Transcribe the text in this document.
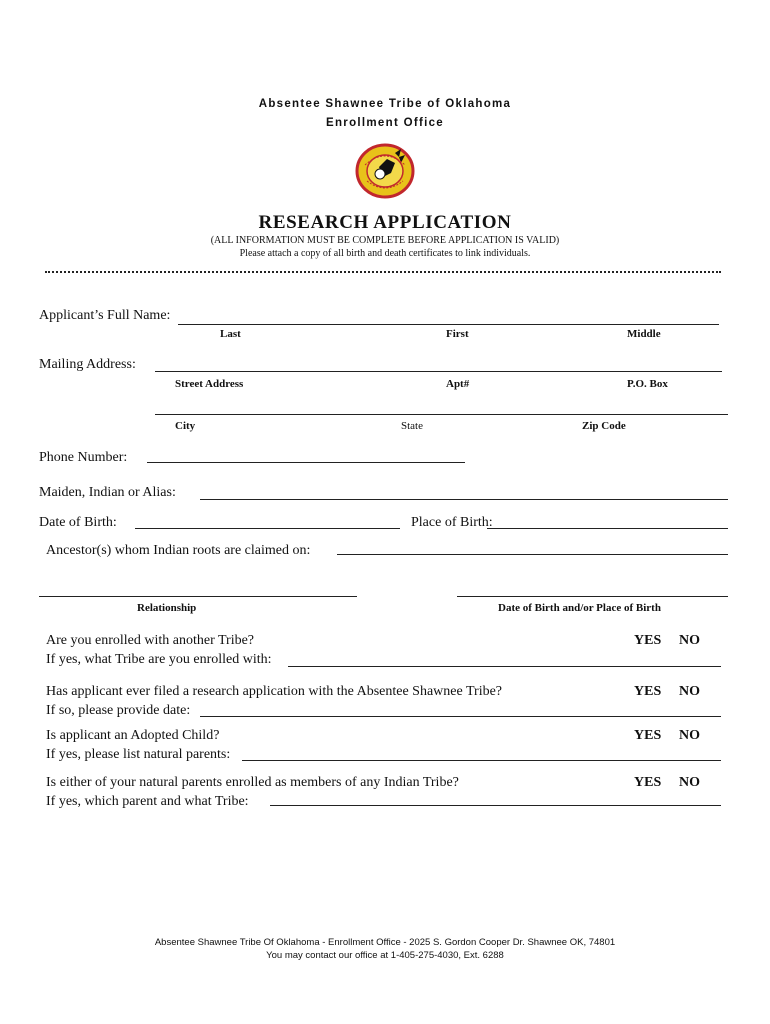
Absentee Shawnee Tribe of Oklahoma
Enrollment Office
RESEARCH APPLICATION
(ALL INFORMATION MUST BE COMPLETE BEFORE APPLICATION IS VALID)
Please attach a copy of all birth and death certificates to link individuals.
Applicant’s Full Name:
Last	First	Middle
Mailing Address:
Street Address	Apt#	P.O. Box
City	State	Zip Code
Phone Number:
Maiden, Indian or Alias:
Date of Birth:	Place of Birth:
Ancestor(s) whom Indian roots are claimed on:
Relationship	Date of Birth and/or Place of Birth
Are you enrolled with another Tribe?	YES NO
If yes, what Tribe are you enrolled with:
Has applicant ever filed a research application with the Absentee Shawnee Tribe?	YES NO
If so, please provide date:
Is applicant an Adopted Child?	YES NO
If yes, please list natural parents:
Is either of your natural parents enrolled as members of any Indian Tribe?	YES NO
If yes, which parent and what Tribe:
Absentee Shawnee Tribe Of Oklahoma - Enrollment Office - 2025 S. Gordon Cooper Dr. Shawnee OK, 74801
You may contact our office at 1-405-275-4030, Ext. 6288
